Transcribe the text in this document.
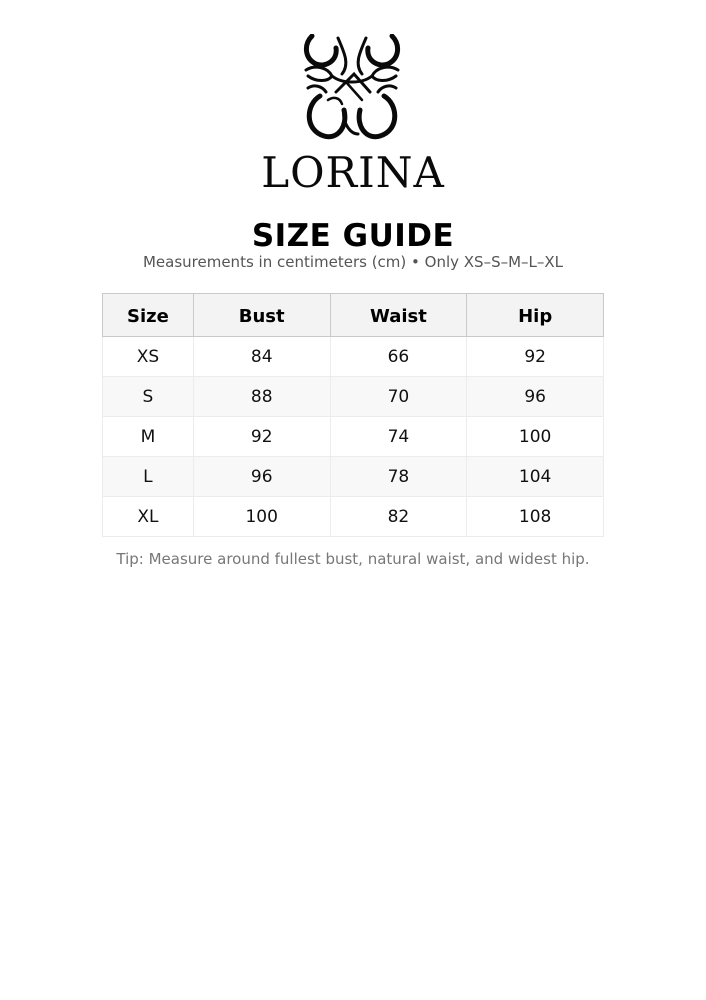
LORINA
SIZE GUIDE
Measurements in centimeters (cm) • Only XS–S–M–L–XL
Size	Bust	Waist	Hip
XS	84	66	92
S	88	70	96
M	92	74	100
L	96	78	104
XL	100	82	108
Tip: Measure around fullest bust, natural waist, and widest hip.
